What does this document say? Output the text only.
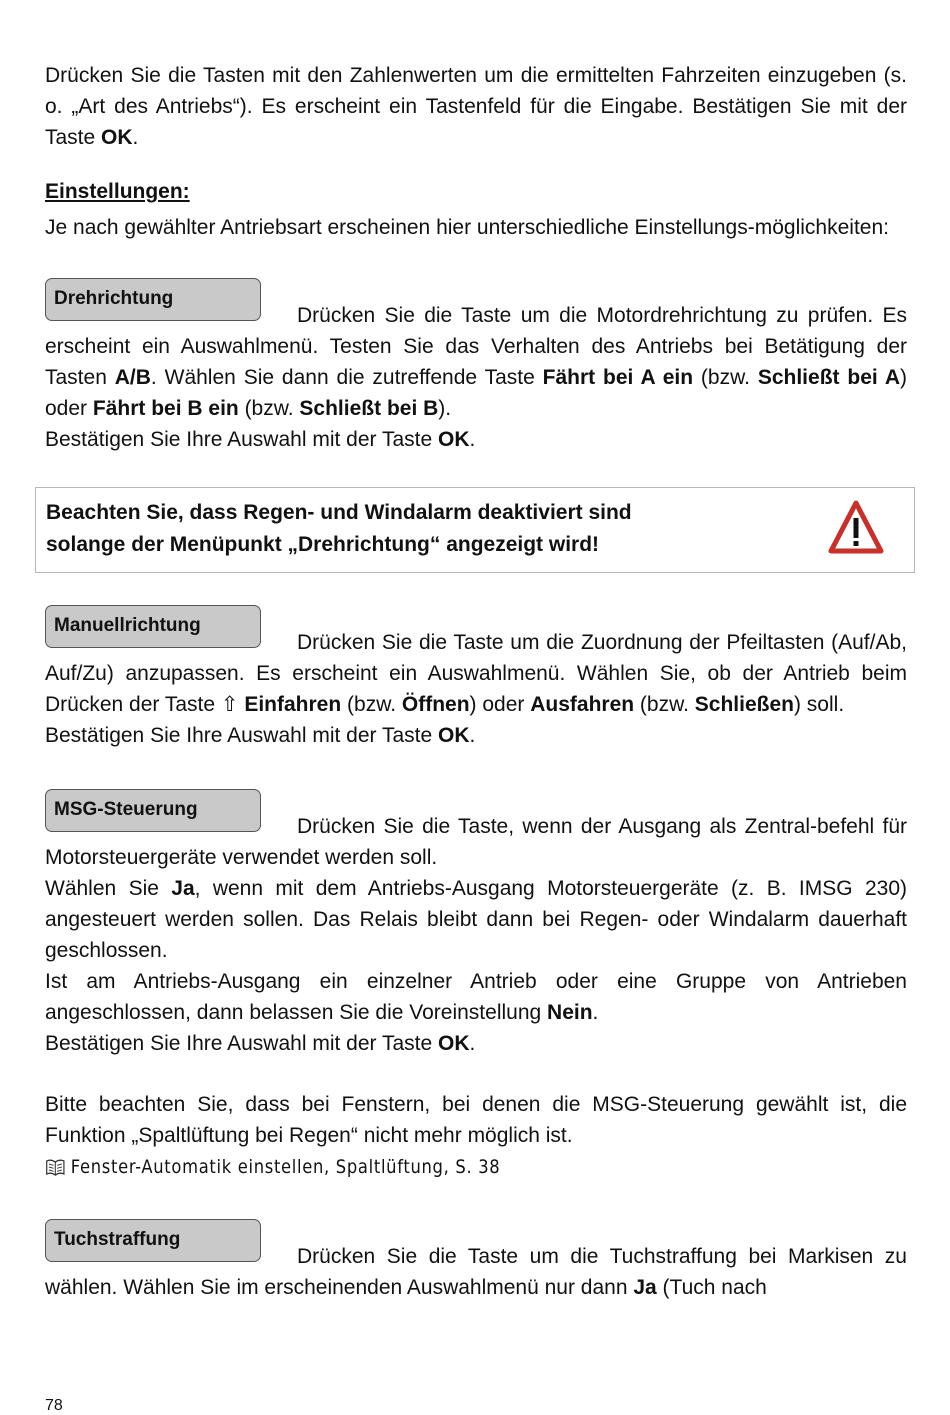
Drücken Sie die Tasten mit den Zahlenwerten um die ermittelten Fahrzeiten einzugeben (s. o. „Art des Antriebs“). Es erscheint ein Tastenfeld für die Eingabe. Bestätigen Sie mit der Taste OK.

Einstellungen:

Je nach gewählter Antriebsart erscheinen hier unterschiedliche Einstellungs-möglichkeiten:

Drehrichtung

Drücken Sie die Taste um die Motordrehrichtung zu prüfen. Es erscheint ein Auswahlmenü. Testen Sie das Verhalten des Antriebs bei Betätigung der Tasten A/B. Wählen Sie dann die zutreffende Taste Fährt bei A ein (bzw. Schließt bei A) oder Fährt bei B ein (bzw. Schließt bei B).

Bestätigen Sie Ihre Auswahl mit der Taste OK.

Beachten Sie, dass Regen- und Windalarm deaktiviert sind
solange der Menüpunkt „Drehrichtung“ angezeigt wird!
Manuellrichtung

Drücken Sie die Taste um die Zuordnung der Pfeiltasten (Auf/Ab, Auf/Zu) anzupassen. Es erscheint ein Auswahlmenü. Wählen Sie, ob der Antrieb beim Drücken der Taste ⇧ Einfahren (bzw. Öffnen) oder Ausfahren (bzw. Schließen) soll.

Bestätigen Sie Ihre Auswahl mit der Taste OK.

MSG-Steuerung

Drücken Sie die Taste, wenn der Ausgang als Zentral-befehl für Motorsteuergeräte verwendet werden soll.

Wählen Sie Ja, wenn mit dem Antriebs-Ausgang Motorsteuergeräte (z. B. IMSG 230) angesteuert werden sollen. Das Relais bleibt dann bei Regen- oder Windalarm dauerhaft geschlossen.

Ist am Antriebs-Ausgang ein einzelner Antrieb oder eine Gruppe von Antrieben angeschlossen, dann belassen Sie die Voreinstellung Nein.

Bestätigen Sie Ihre Auswahl mit der Taste OK.

Bitte beachten Sie, dass bei Fenstern, bei denen die MSG-Steuerung gewählt ist, die Funktion „Spaltlüftung bei Regen“ nicht mehr möglich ist.

Fenster-Automatik einstellen, Spaltlüftung, S. 38
Tuchstraffung

Drücken Sie die Taste um die Tuchstraffung bei Markisen zu wählen. Wählen Sie im erscheinenden Auswahlmenü nur dann Ja (Tuch nach

78
